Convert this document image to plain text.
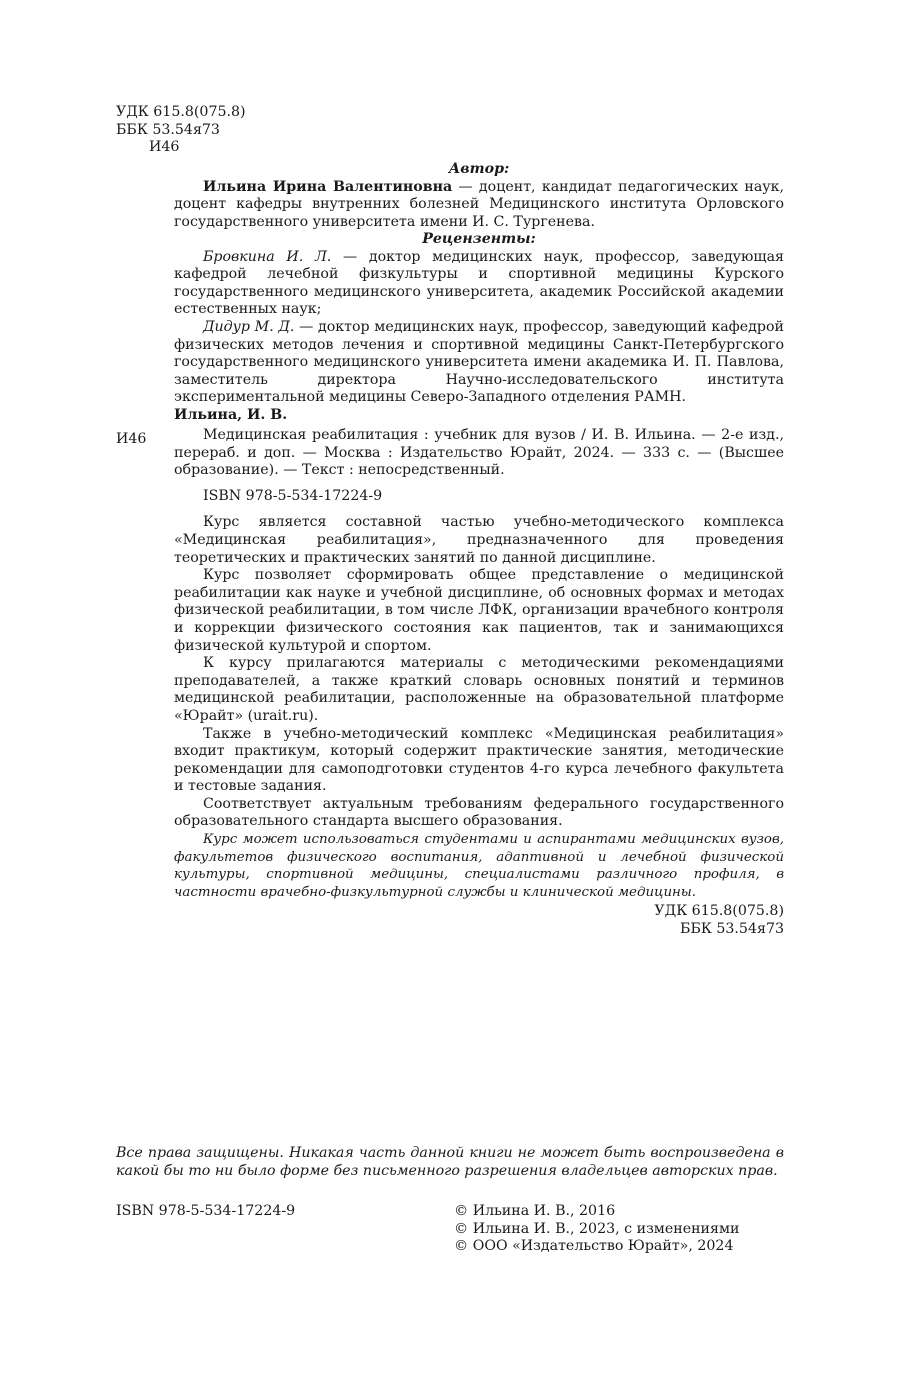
УДК 615.8(075.8)
ББК 53.54я73
И46
Автор:

Ильина Ирина Валентиновна — доцент, кандидат педагогических наук, доцент кафедры внутренних болезней Медицинского института Орловского государственного университета имени И. С. Тургенева.

Рецензенты:

Бровкина И. Л. — доктор медицинских наук, профессор, заведующая кафедрой лечебной физкультуры и спортивной медицины Курского государственного медицинского университета, академик Российской академии естественных наук;

Дидур М. Д. — доктор медицинских наук, профессор, заведующий кафедрой физических методов лечения и спортивной медицины Санкт-Петербургского государственного медицинского университета имени академика И. П. Павлова, заместитель директора Научно-исследовательского института экспериментальной медицины Северо-Западного отделения РАМН.

Ильина, И. В.
И46	Медицинская реабилитация : учебник для вузов / И. В. Ильина. — 2-е изд., перераб. и доп. — Москва : Издательство Юрайт, 2024. — 333 с. — (Высшее образование). — Текст : непосредственный.

ISBN 978-5-534-17224-9

Курс является составной частью учебно-методического комплекса «Медицинская реабилитация», предназначенного для проведения теоретических и практических занятий по данной дисциплине.

Курс позволяет сформировать общее представление о медицинской реабилитации как науке и учебной дисциплине, об основных формах и методах физической реабилитации, в том числе ЛФК, организации врачебного контроля и коррекции физического состояния как пациентов, так и занимающихся физической культурой и спортом.

К курсу прилагаются материалы с методическими рекомендациями преподавателей, а также краткий словарь основных понятий и терминов медицинской реабилитации, расположенные на образовательной платформе «Юрайт» (urait.ru).

Также в учебно-методический комплекс «Медицинская реабилитация» входит практикум, который содержит практические занятия, методические рекомендации для самоподготовки студентов 4-го курса лечебного факультета и тестовые задания.

Соответствует актуальным требованиям федерального государственного образовательного стандарта высшего образования.

Курс может использоваться студентами и аспирантами медицинских вузов, факультетов физического воспитания, адаптивной и лечебной физической культуры, спортивной медицины, специалистами различного профиля, в частности врачебно-физкультурной службы и клинической медицины.

УДК 615.8(075.8)
ББК 53.54я73
Все права защищены. Никакая часть данной книги не может быть воспроизведена в какой бы то ни было форме без письменного разрешения владельцев авторских прав.
ISBN 978-5-534-17224-9	© Ильина И. В., 2016
© Ильина И. В., 2023, с изменениями
© ООО «Издательство Юрайт», 2024
